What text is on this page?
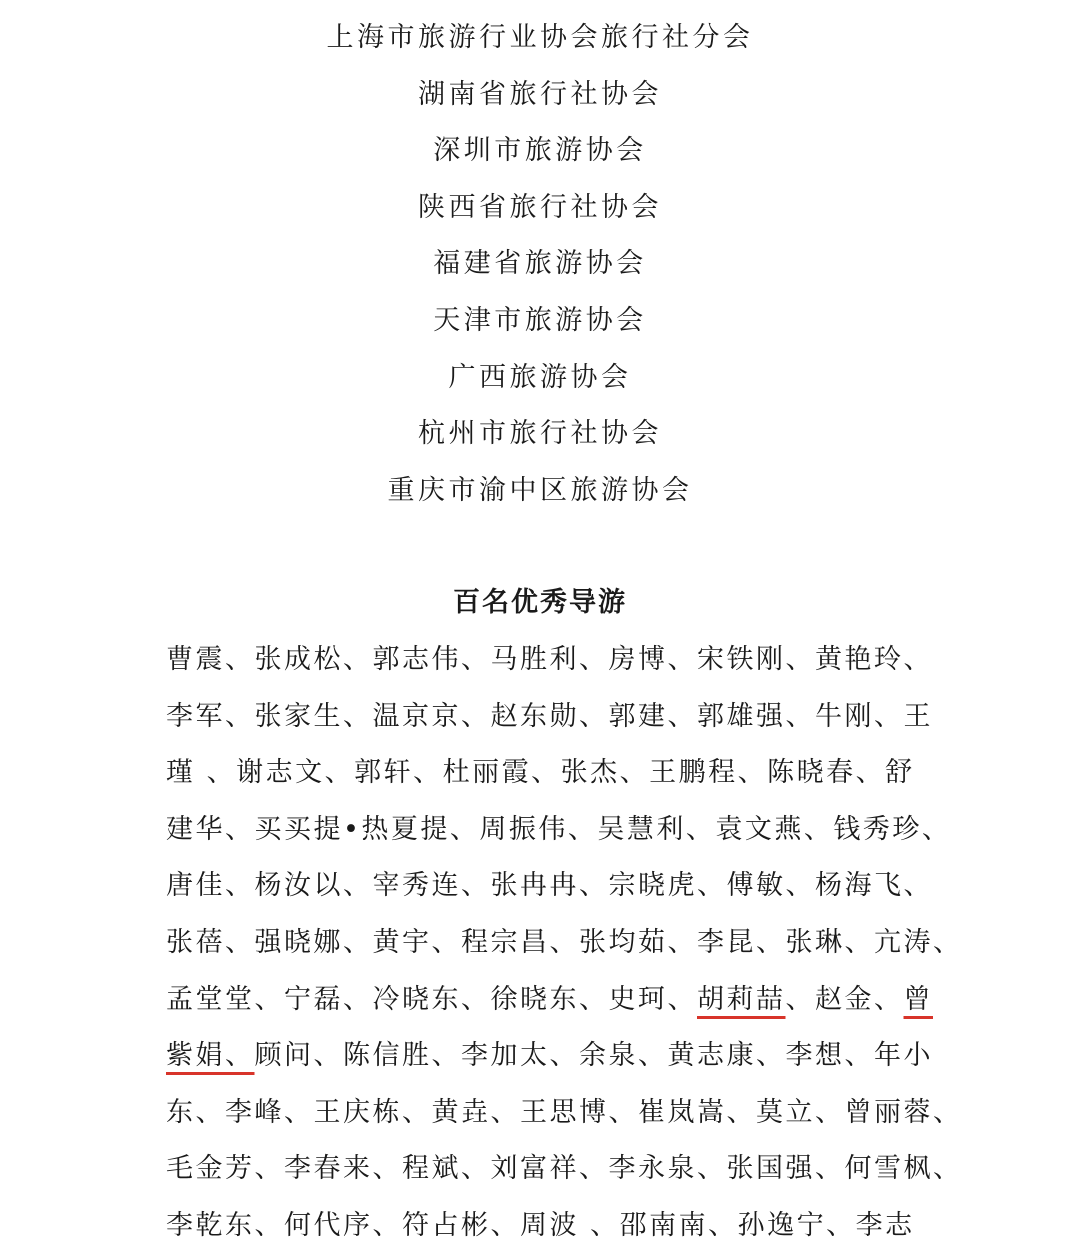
上海市旅游行业协会旅行社分会
湖南省旅行社协会
深圳市旅游协会
陕西省旅行社协会
福建省旅游协会
天津市旅游协会
广西旅游协会
杭州市旅行社协会
重庆市渝中区旅游协会
百名优秀导游
曹震、张成松、郭志伟、马胜利、房博、宋铁刚、黄艳玲、
李军、张家生、温京京、赵东勋、郭建、郭雄强、牛刚、王
瑾 、谢志文、郭轩、杜丽霞、张杰、王鹏程、陈晓春、舒
建华、买买提•热夏提、周振伟、吴慧利、袁文燕、钱秀珍、
唐佳、杨汝以、宰秀连、张冉冉、宗晓虎、傅敏、杨海飞、
张蓓、强晓娜、黄宇、程宗昌、张均茹、李昆、张琳、亢涛、
孟堂堂、宁磊、冷晓东、徐晓东、史珂、胡莉喆、赵金、曾
紫娟、顾问、陈信胜、李加太、余泉、黄志康、李想、年小
东、李峰、王庆栋、黄垚、王思博、崔岚嵩、莫立、曾丽蓉、
毛金芳、李春来、程斌、刘富祥、李永泉、张国强、何雪枫、
李乾东、何代序、符占彬、周波 、邵南南、孙逸宁、李志
